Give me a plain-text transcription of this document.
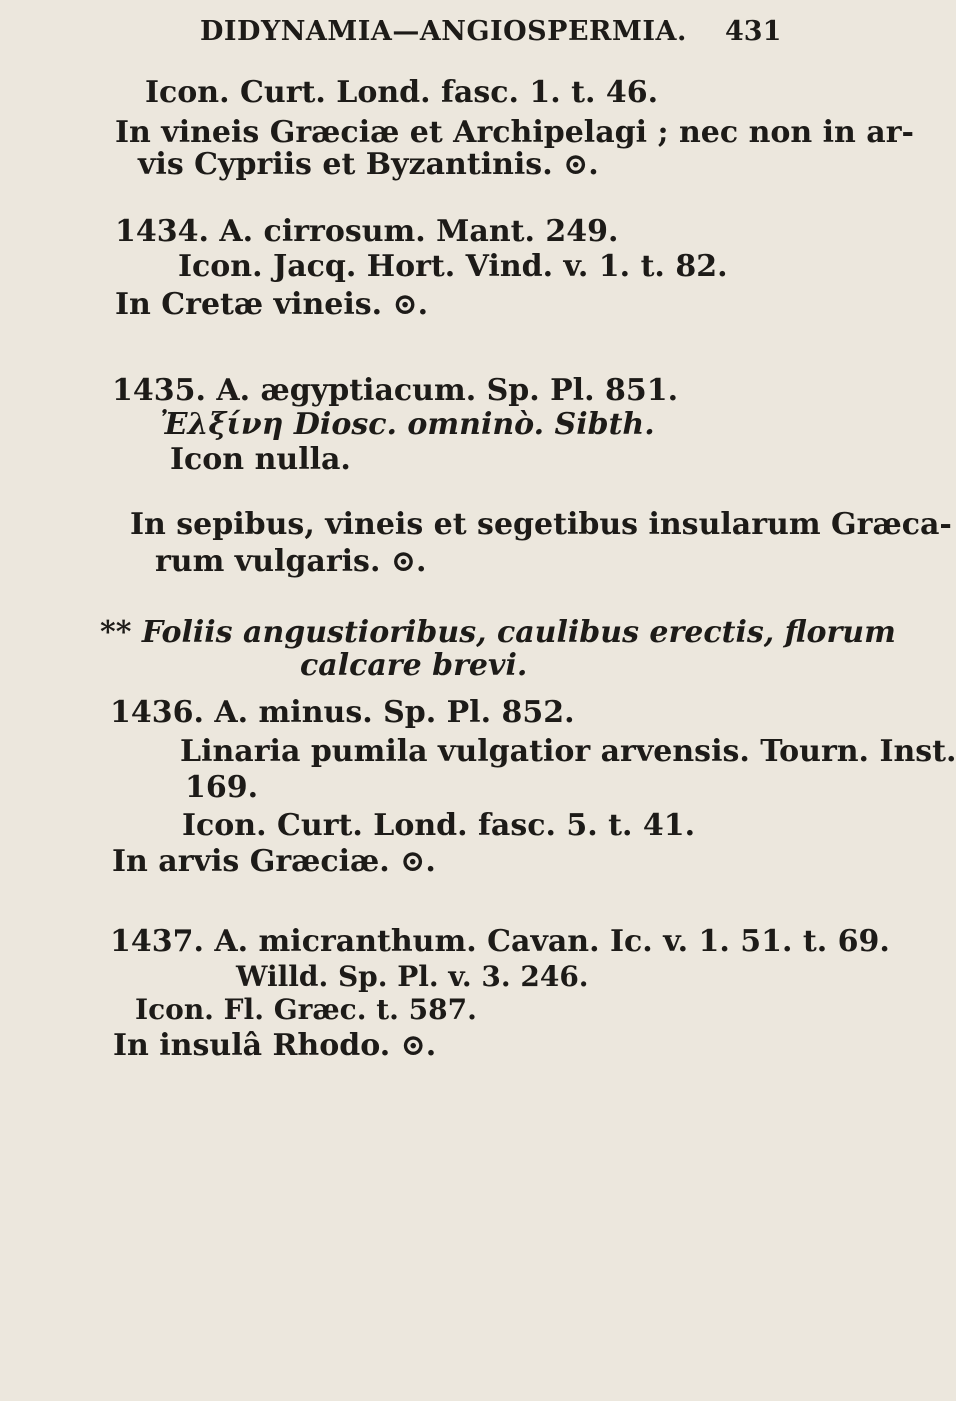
DIDYNAMIA—ANGIOSPERMIA. 431
Icon. Curt. Lond. fasc. 1. t. 46.
In vineis Græciæ et Archipelagi ; nec non in ar-
vis Cypriis et Byzantinis. ⊙.
1434. A. cirrosum. Mant. 249.
Icon. Jacq. Hort. Vind. v. 1. t. 82.
In Cretæ vineis. ⊙.
1435. A. ægyptiacum. Sp. Pl. 851.
Ἐλξίνη Diosc. omninò. Sibth.
Icon nulla.
In sepibus, vineis et segetibus insularum Græca-
rum vulgaris. ⊙.
** Foliis angustioribus, caulibus erectis, florum
calcare brevi.
1436. A. minus. Sp. Pl. 852.
Linaria pumila vulgatior arvensis. Tourn. Inst.
169.
Icon. Curt. Lond. fasc. 5. t. 41.
In arvis Græciæ. ⊙.
1437. A. micranthum. Cavan. Ic. v. 1. 51. t. 69.
Willd. Sp. Pl. v. 3. 246.
Icon. Fl. Græc. t. 587.
In insulâ Rhodo. ⊙.
